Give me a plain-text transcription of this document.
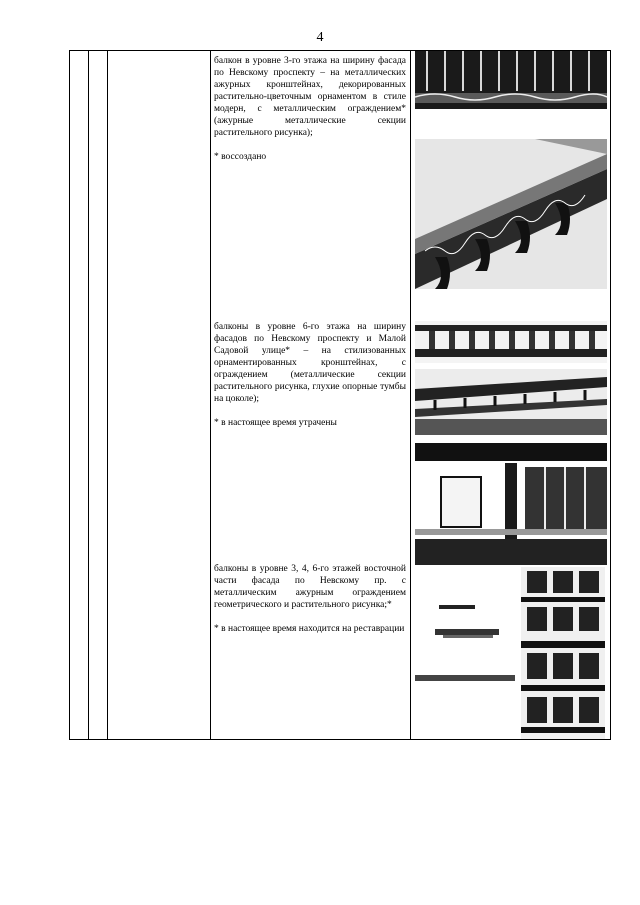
4

балкон в уровне 3-го этажа на ширину фасада по Невскому проспекту – на металлических ажурных кронштейнах, декорированных растительно-цветочным орнаментом в стиле модерн, с металлическим ограждением* (ажурные металлические секции растительного рисунка);

* воссоздано

балконы в уровне 6-го этажа на ширину фасадов по Невскому проспекту и Малой Садовой улице* – на стилизованных орнаментированных кронштейнах, с ограждением (металлические секции растительного рисунка, глухие опорные тумбы на цоколе);

* в настоящее время утрачены

балконы в уровне 3, 4, 6-го этажей восточной части фасада по Невскому пр. с металлическим ажурным ограждением геометрического и растительного рисунка;*

* в настоящее время находится на реставрации
